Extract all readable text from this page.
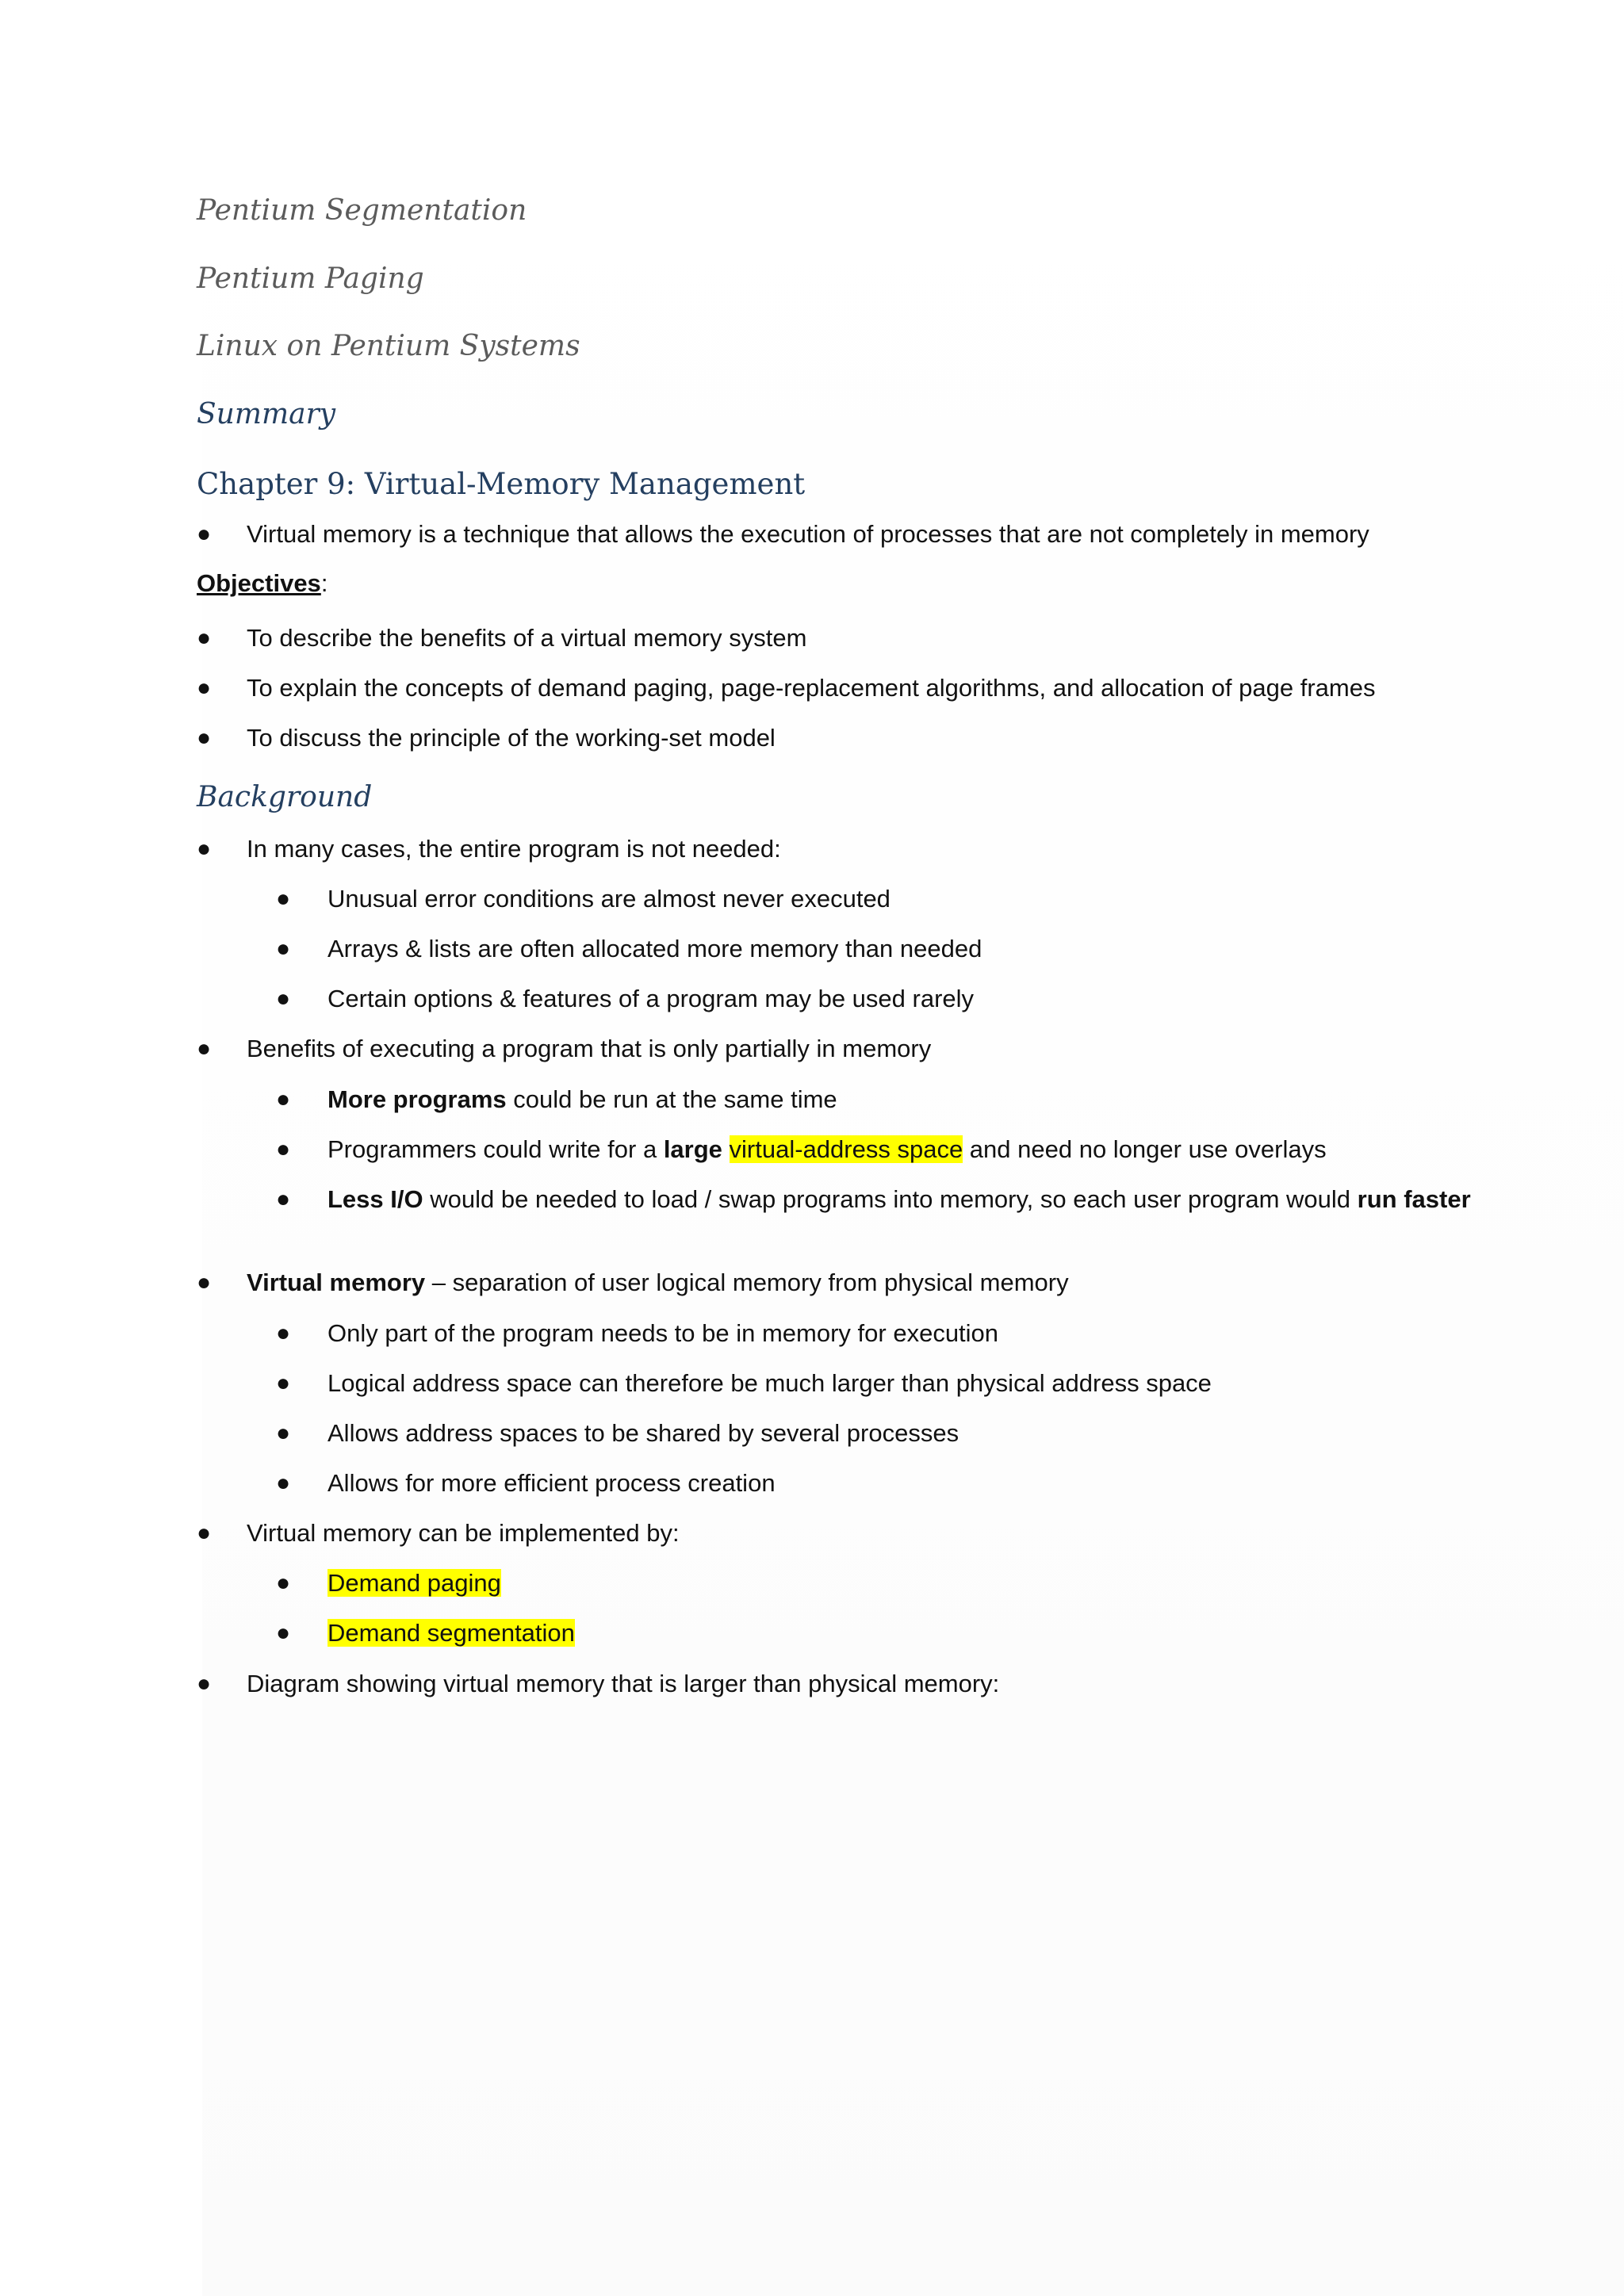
Pentium Segmentation
Pentium Paging
Linux on Pentium Systems
Summary
Chapter 9: Virtual-Memory Management
● Virtual memory is a technique that allows the execution of processes that are not completely in memory
Objectives:
● To describe the benefits of a virtual memory system
● To explain the concepts of demand paging, page-replacement algorithms, and allocation of page frames
● To discuss the principle of the working-set model
Background
● In many cases, the entire program is not needed:
● Unusual error conditions are almost never executed
● Arrays & lists are often allocated more memory than needed
● Certain options & features of a program may be used rarely
● Benefits of executing a program that is only partially in memory
● More programs could be run at the same time
● Programmers could write for a large virtual-address space and need no longer use overlays
● Less I/O would be needed to load / swap programs into memory, so each user program would run faster
● Virtual memory – separation of user logical memory from physical memory
● Only part of the program needs to be in memory for execution
● Logical address space can therefore be much larger than physical address space
● Allows address spaces to be shared by several processes
● Allows for more efficient process creation
● Virtual memory can be implemented by:
● Demand paging
● Demand segmentation
● Diagram showing virtual memory that is larger than physical memory:
